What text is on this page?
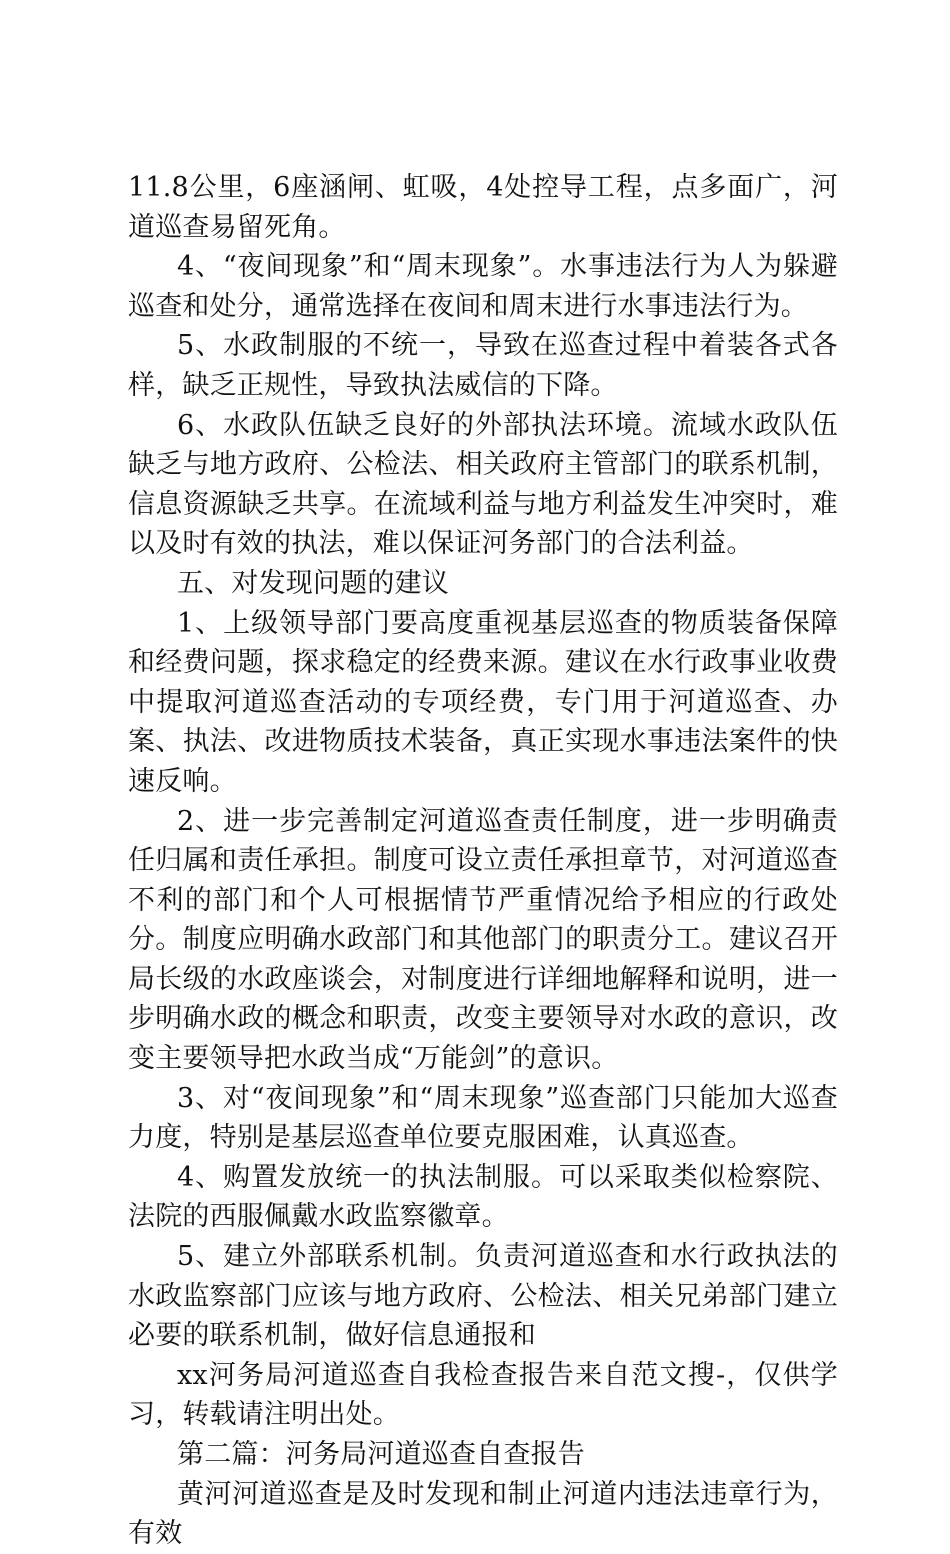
11.8公里，6座涵闸、虹吸，4处控导工程，点多面广，河道巡查易留死角。

4、“夜间现象”和“周末现象”。水事违法行为人为躲避巡查和处分，通常选择在夜间和周末进行水事违法行为。

5、水政制服的不统一，导致在巡查过程中着装各式各样，缺乏正规性，导致执法威信的下降。

6、水政队伍缺乏良好的外部执法环境。流域水政队伍缺乏与地方政府、公检法、相关政府主管部门的联系机制，信息资源缺乏共享。在流域利益与地方利益发生冲突时，难以及时有效的执法，难以保证河务部门的合法利益。

五、对发现问题的建议

1、上级领导部门要高度重视基层巡查的物质装备保障和经费问题，探求稳定的经费来源。建议在水行政事业收费中提取河道巡查活动的专项经费，专门用于河道巡查、办案、执法、改进物质技术装备，真正实现水事违法案件的快速反响。

2、进一步完善制定河道巡查责任制度，进一步明确责任归属和责任承担。制度可设立责任承担章节，对河道巡查不利的部门和个人可根据情节严重情况给予相应的行政处分。制度应明确水政部门和其他部门的职责分工。建议召开局长级的水政座谈会，对制度进行详细地解释和说明，进一步明确水政的概念和职责，改变主要领导对水政的意识，改变主要领导把水政当成“万能剑”的意识。

3、对“夜间现象”和“周末现象”巡查部门只能加大巡查力度，特别是基层巡查单位要克服困难，认真巡查。

4、购置发放统一的执法制服。可以采取类似检察院、法院的西服佩戴水政监察徽章。

5、建立外部联系机制。负责河道巡查和水行政执法的水政监察部门应该与地方政府、公检法、相关兄弟部门建立必要的联系机制，做好信息通报和

xx河务局河道巡查自我检查报告来自范文搜-，仅供学习，转载请注明出处。

第二篇：河务局河道巡查自查报告

黄河河道巡查是及时发现和制止河道内违法违章行为，有效
